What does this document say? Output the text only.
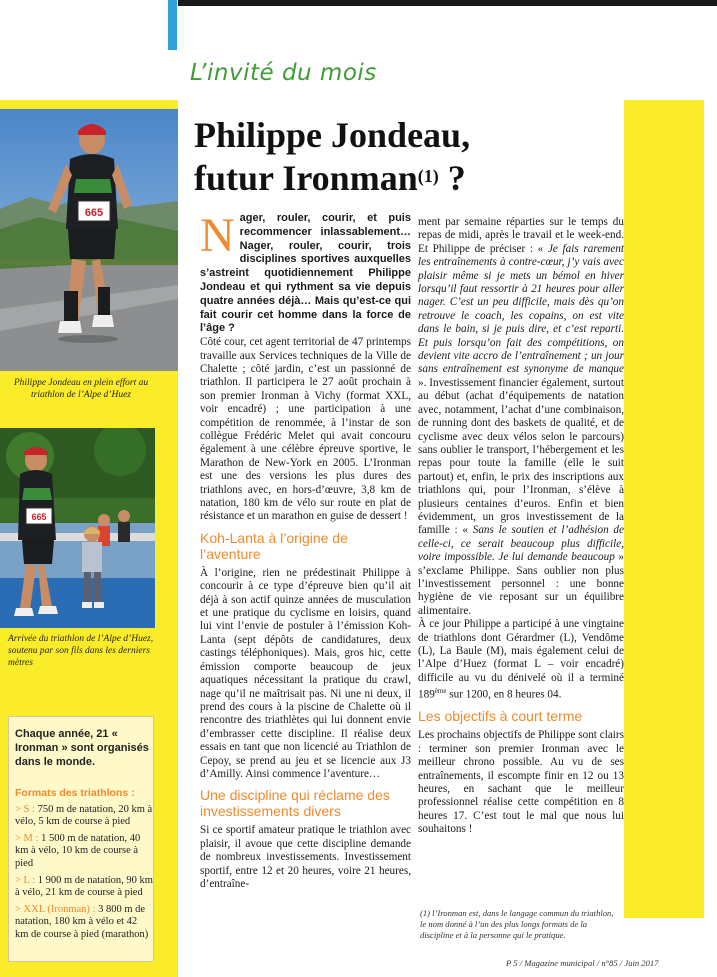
L’invité du mois
Philippe Jondeau,
futur Ironman$^{(1)}$ ?
665
Philippe Jondeau en plein effort au triathlon de l’Alpe d’Huez
665
Arrivée du triathlon de l’Alpe d’Huez, soutenu par son fils dans les derniers mètres
Chaque année, 21 « Ironman » sont organisés dans le monde.
Formats des triathlons :
> S : 750 m de natation, 20 km à vélo, 5 km de course à pied
> M : 1 500 m de natation, 40 km à vélo, 10 km de course à pied
> L : 1 900 m de natation, 90 km à vélo, 21 km de course à pied
> XXL (Ironman) : 3 800 m de natation, 180 km à vélo et 42 km de course à pied (marathon)

Nager, rouler, courir, et puis recommencer inlassablement… Nager, rouler, courir, trois disciplines sportives auxquelles s’astreint quotidiennement Philippe Jondeau et qui rythment sa vie depuis quatre années déjà… Mais qu’est-ce qui fait courir cet homme dans la force de l’âge ?

Côté cour, cet agent territorial de 47 printemps travaille aux Services techniques de la Ville de Chalette ; côté jardin, c’est un passionné de triathlon. Il participera le 27 août prochain à son premier Ironman à Vichy (format XXL, voir encadré) ; une participation à une compétition de renommée, à l’instar de son collègue Frédéric Melet qui avait concouru également à une célèbre épreuve sportive, le Marathon de New-York en 2005. L’Ironman est une des versions les plus dures des triathlons avec, en hors-d’œuvre, 3,8 km de natation, 180 km de vélo sur route en plat de résistance et un marathon en guise de dessert !

Koh-Lanta à l’origine de l’aventure

À l’origine, rien ne prédestinait Philippe à concourir à ce type d’épreuve bien qu’il ait déjà à son actif quinze années de musculation et une pratique du cyclisme en loisirs, quand lui vint l’envie de postuler à l’émission Koh-Lanta (sept dépôts de candidatures, deux castings téléphoniques). Mais, gros hic, cette émission comporte beaucoup de jeux aquatiques nécessitant la pratique du crawl, nage qu’il ne maîtrisait pas. Ni une ni deux, il prend des cours à la piscine de Chalette où il rencontre des triathlètes qui lui donnent envie d’embrasser cette discipline. Il réalise deux essais en tant que non licencié au Triathlon de Cepoy, se prend au jeu et se licencie aux J3 d’Amilly. Ainsi commence l’aventure…

Une discipline qui réclame des investissements divers

Si ce sportif amateur pratique le triathlon avec plaisir, il avoue que cette discipline demande de nombreux investissements. Investissement sportif, entre 12 et 20 heures, voire 21 heures, d’entraîne-

ment par semaine réparties sur le temps du repas de midi, après le travail et le week-end. Et Philippe de préciser : « Je fais rarement les entraînements à contre-cœur, j’y vais avec plaisir même si je mets un bémol en hiver lorsqu’il faut ressortir à 21 heures pour aller nager. C’est un peu difficile, mais dès qu’on retrouve le coach, les copains, on est vite dans le bain, si je puis dire, et c’est reparti. Et puis lorsqu’on fait des compétitions, on devient vite accro de l’entraînement ; un jour sans entraînement est synonyme de manque ». Investissement financier également, surtout au début (achat d’équipements de natation avec, notamment, l’achat d’une combinaison, de running dont des baskets de qualité, et de cyclisme avec deux vélos selon le parcours) sans oublier le transport, l’hébergement et les repas pour toute la famille (elle le suit partout) et, enfin, le prix des inscriptions aux triathlons qui, pour l’Ironman, s’élève à plusieurs centaines d’euros. Enfin et bien évidemment, un gros investissement de la famille : « Sans le soutien et l’adhésion de celle-ci, ce serait beaucoup plus difficile, voire impossible. Je lui demande beaucoup » s’exclame Philippe. Sans oublier non plus l’investissement personnel : une bonne hygiène de vie reposant sur un équilibre alimentaire.

À ce jour Philippe a participé à une vingtaine de triathlons dont Gérardmer (L), Vendôme (L), La Baule (M), mais également celui de l’Alpe d’Huez (format L – voir encadré) difficile au vu du dénivelé où il a terminé 189ème sur 1200, en 8 heures 04.

Les objectifs à court terme

Les prochains objectifs de Philippe sont clairs : terminer son premier Ironman avec le meilleur chrono possible. Au vu de ses entraînements, il escompte finir en 12 ou 13 heures, en sachant que le meilleur professionnel réalise cette compétition en 8 heures 17. C’est tout le mal que nous lui souhaitons !

(1) l’Ironman est, dans le langage commun du triathlon, le nom donné à l’un des plus longs formats de la discipline et à la personne qui le pratique.
P 5 / Magazine municipal / n°85 / Juin 2017
